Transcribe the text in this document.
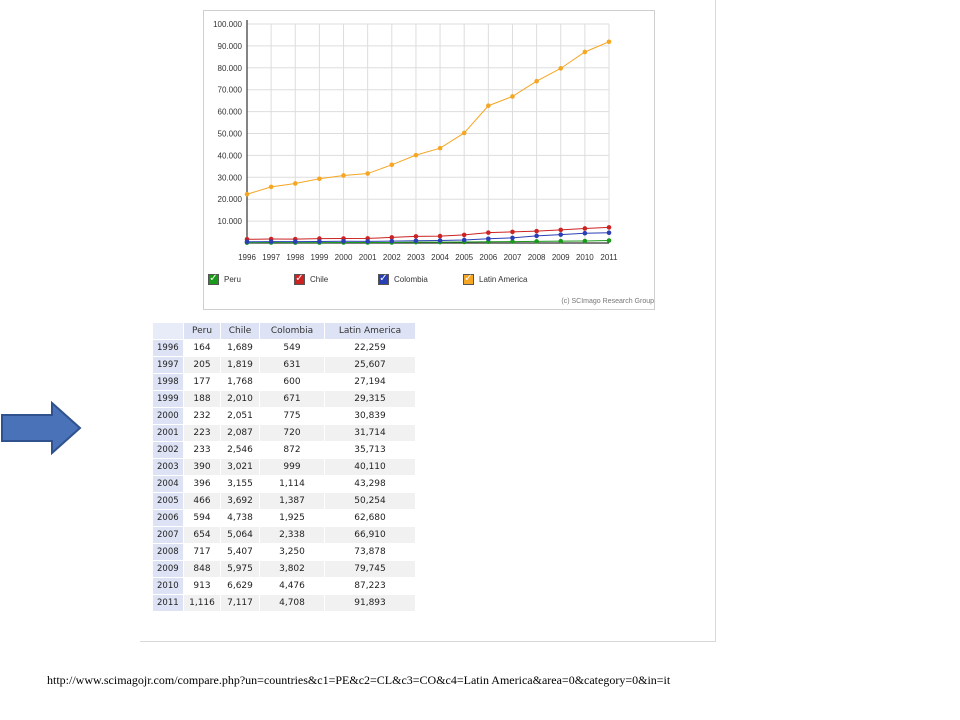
100.000
90.000
80.000
70.000
60.000
50.000
40.000
30.000
20.000
10.000
1996 1997 1998 1999 2000 2001 2002 2003 2004 2005 2006 2007 2008 2009 2010 2011
✓ Peru	✓ Chile	✓ Colombia	✓ Latin America
(c) SCImago Research Group
	Peru	Chile	Colombia	Latin America
1996	164	1,689	549	22,259
1997	205	1,819	631	25,607
1998	177	1,768	600	27,194
1999	188	2,010	671	29,315
2000	232	2,051	775	30,839
2001	223	2,087	720	31,714
2002	233	2,546	872	35,713
2003	390	3,021	999	40,110
2004	396	3,155	1,114	43,298
2005	466	3,692	1,387	50,254
2006	594	4,738	1,925	62,680
2007	654	5,064	2,338	66,910
2008	717	5,407	3,250	73,878
2009	848	5,975	3,802	79,745
2010	913	6,629	4,476	87,223
2011	1,116	7,117	4,708	91,893
http://www.scimagojr.com/compare.php?un=countries&c1=PE&c2=CL&c3=CO&c4=Latin America&area=0&category=0&in=it
